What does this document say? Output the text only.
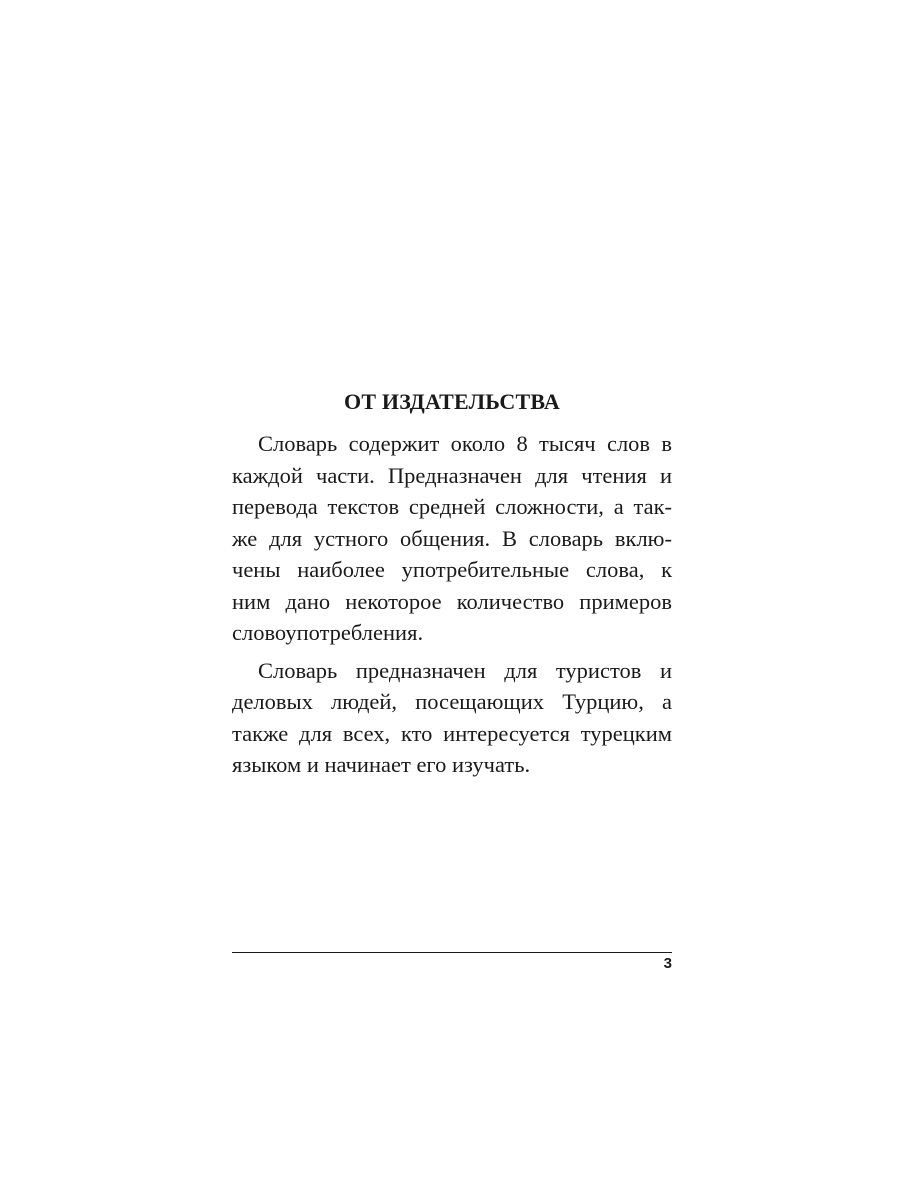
ОТ ИЗДАТЕЛЬСТВА
Словарь содержит около 8 тысяч слов в
каждой части. Предназначен для чтения и
перевода текстов средней сложности, а так-
же для устного общения. В словарь вклю-
чены наиболее употребительные слова, к
ним дано некоторое количество примеров
словоупотребления.
Словарь предназначен для туристов и
деловых людей, посещающих Турцию, а
также для всех, кто интересуется турецким
языком и начинает его изучать.
3
